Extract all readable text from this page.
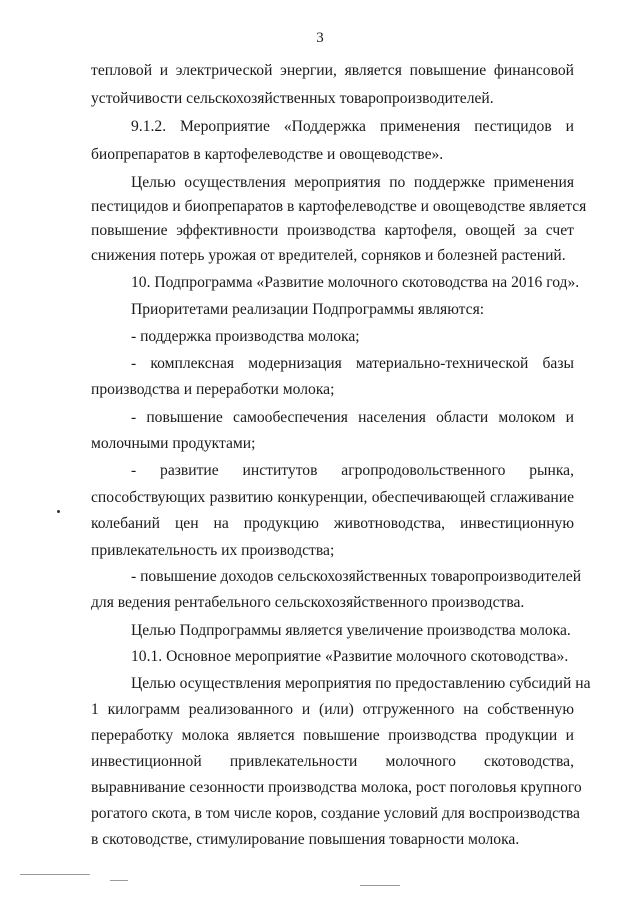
3
тепловой и электрической энергии, является повышение финансовой
устойчивости сельскохозяйственных товаропроизводителей.
9.1.2. Мероприятие «Поддержка применения пестицидов и
биопрепаратов в картофелеводстве и овощеводстве».
Целью осуществления мероприятия по поддержке применения
пестицидов и биопрепаратов в картофелеводстве и овощеводстве является
повышение эффективности производства картофеля, овощей за счет
снижения потерь урожая от вредителей, сорняков и болезней растений.
10. Подпрограмма «Развитие молочного скотоводства на 2016 год».
Приоритетами реализации Подпрограммы являются:
- поддержка производства молока;
- комплексная модернизация материально-технической базы
производства и переработки молока;
- повышение самообеспечения населения области молоком и
молочными продуктами;
- развитие институтов агропродовольственного рынка,
способствующих развитию конкуренции, обеспечивающей сглаживание
колебаний цен на продукцию животноводства, инвестиционную
привлекательность их производства;
- повышение доходов сельскохозяйственных товаропроизводителей
для ведения рентабельного сельскохозяйственного производства.
Целью Подпрограммы является увеличение производства молока.
10.1. Основное мероприятие «Развитие молочного скотоводства».
Целью осуществления мероприятия по предоставлению субсидий на
1 килограмм реализованного и (или) отгруженного на собственную
переработку молока является повышение производства продукции и
инвестиционной привлекательности молочного скотоводства,
выравнивание сезонности производства молока, рост поголовья крупного
рогатого скота, в том числе коров, создание условий для воспроизводства
в скотоводстве, стимулирование повышения товарности молока.
